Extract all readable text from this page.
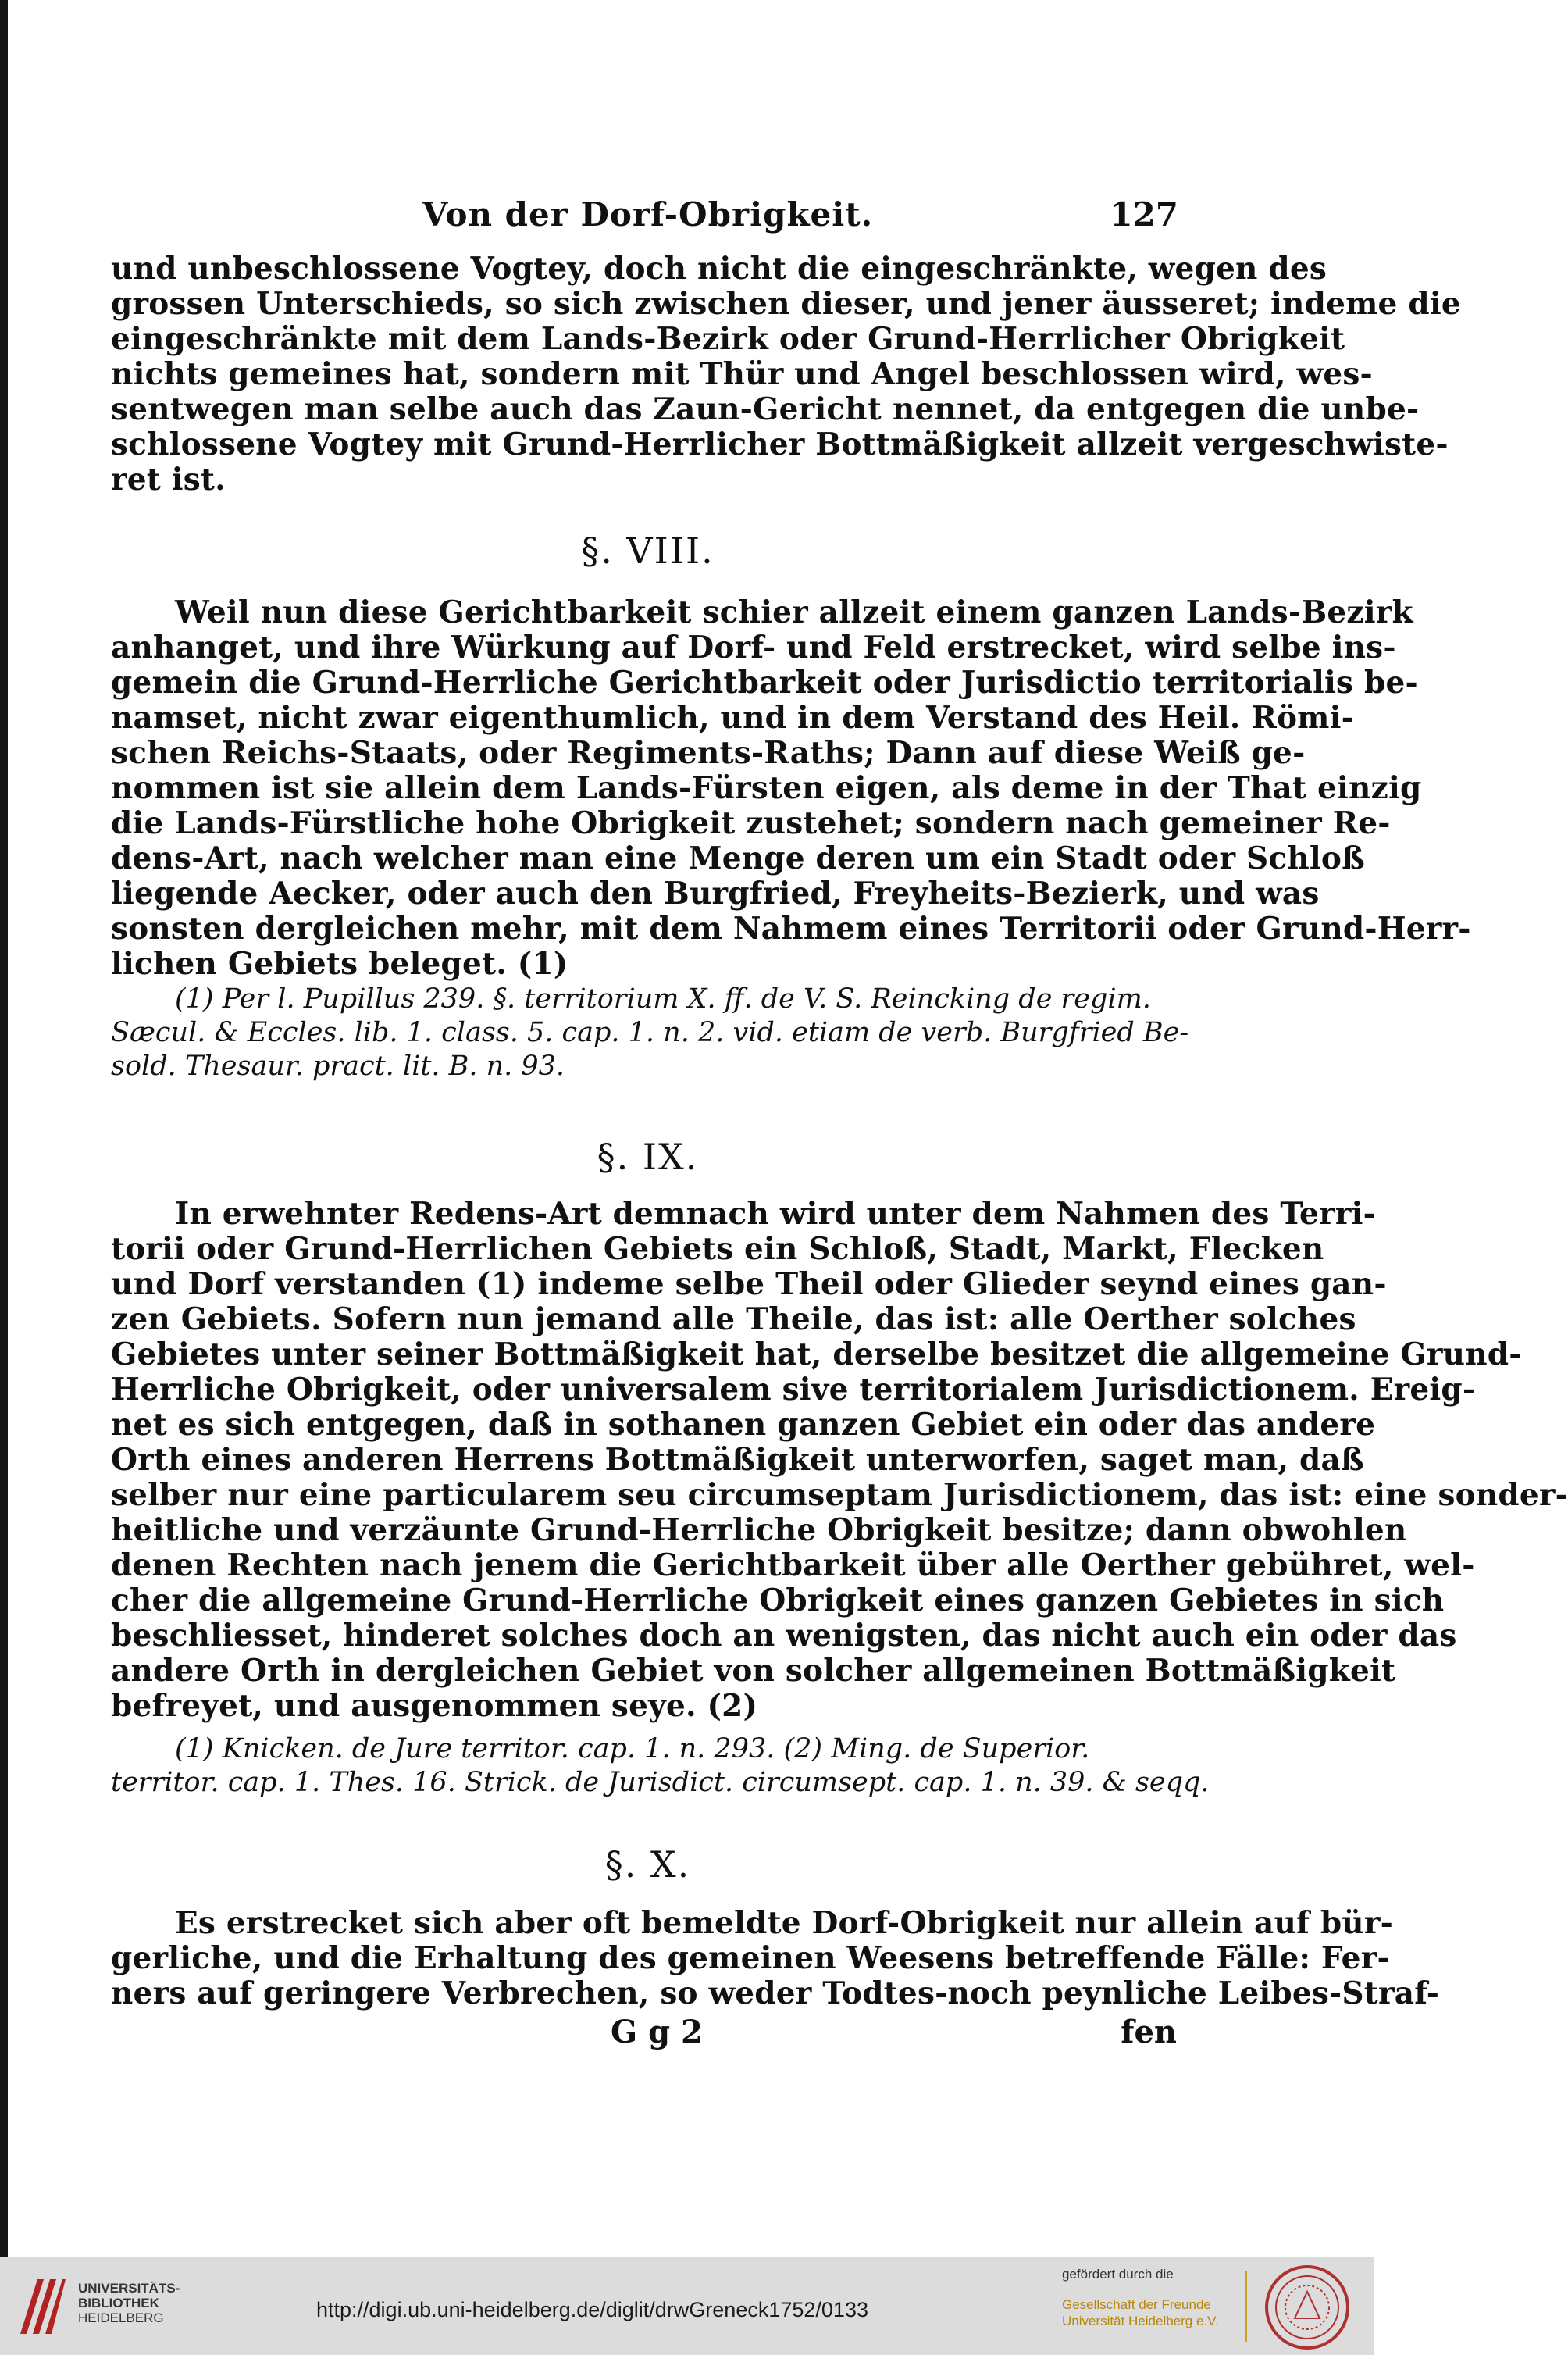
Von der Dorf-Obrigkeit.	127
und unbeschlossene Vogtey, doch nicht die eingeschränkte, wegen des
grossen Unterschieds, so sich zwischen dieser, und jener äusseret; indeme die
eingeschränkte mit dem Lands-Bezirk oder Grund-Herrlicher Obrigkeit
nichts gemeines hat, sondern mit Thür und Angel beschlossen wird, wes-
sentwegen man selbe auch das Zaun-Gericht nennet, da entgegen die unbe-
schlossene Vogtey mit Grund-Herrlicher Bottmäßigkeit allzeit vergeschwiste-
ret ist.
§. VIII.
Weil nun diese Gerichtbarkeit schier allzeit einem ganzen Lands-Bezirk
anhanget, und ihre Würkung auf Dorf- und Feld erstrecket, wird selbe ins-
gemein die Grund-Herrliche Gerichtbarkeit oder Jurisdictio territorialis be-
namset, nicht zwar eigenthumlich, und in dem Verstand des Heil. Römi-
schen Reichs-Staats, oder Regiments-Raths; Dann auf diese Weiß ge-
nommen ist sie allein dem Lands-Fürsten eigen, als deme in der That einzig
die Lands-Fürstliche hohe Obrigkeit zustehet; sondern nach gemeiner Re-
dens-Art, nach welcher man eine Menge deren um ein Stadt oder Schloß
liegende Aecker, oder auch den Burgfried, Freyheits-Bezierk, und was
sonsten dergleichen mehr, mit dem Nahmem eines Territorii oder Grund-Herr-
lichen Gebiets beleget. (1)
(1) Per l. Pupillus 239. §. territorium X. ff. de V. S. Reincking de regim.
Sæcul. & Eccles. lib. 1. class. 5. cap. 1. n. 2. vid. etiam de verb. Burgfried Be-
sold. Thesaur. pract. lit. B. n. 93.
§. IX.
In erwehnter Redens-Art demnach wird unter dem Nahmen des Terri-
torii oder Grund-Herrlichen Gebiets ein Schloß, Stadt, Markt, Flecken
und Dorf verstanden (1) indeme selbe Theil oder Glieder seynd eines gan-
zen Gebiets. Sofern nun jemand alle Theile, das ist: alle Oerther solches
Gebietes unter seiner Bottmäßigkeit hat, derselbe besitzet die allgemeine Grund-
Herrliche Obrigkeit, oder universalem sive territorialem Jurisdictionem. Ereig-
net es sich entgegen, daß in sothanen ganzen Gebiet ein oder das andere
Orth eines anderen Herrens Bottmäßigkeit unterworfen, saget man, daß
selber nur eine particularem seu circumseptam Jurisdictionem, das ist: eine sonder-
heitliche und verzäunte Grund-Herrliche Obrigkeit besitze; dann obwohlen
denen Rechten nach jenem die Gerichtbarkeit über alle Oerther gebühret, wel-
cher die allgemeine Grund-Herrliche Obrigkeit eines ganzen Gebietes in sich
beschliesset, hinderet solches doch an wenigsten, das nicht auch ein oder das
andere Orth in dergleichen Gebiet von solcher allgemeinen Bottmäßigkeit
befreyet, und ausgenommen seye. (2)
(1) Knicken. de Jure territor. cap. 1. n. 293. (2) Ming. de Superior.
territor. cap. 1. Thes. 16. Strick. de Jurisdict. circumsept. cap. 1. n. 39. & seqq.
§. X.
Es erstrecket sich aber oft bemeldte Dorf-Obrigkeit nur allein auf bür-
gerliche, und die Erhaltung des gemeinen Weesens betreffende Fälle: Fer-
ners auf geringere Verbrechen, so weder Todtes-noch peynliche Leibes-Straf-
G g 2	fen
UNIVERSITÄTS-
BIBLIOTHEK
HEIDELBERG	http://digi.ub.uni-heidelberg.de/diglit/drwGreneck1752/0133
gefördert durch die
Gesellschaft der Freunde
Universität Heidelberg e.V.
